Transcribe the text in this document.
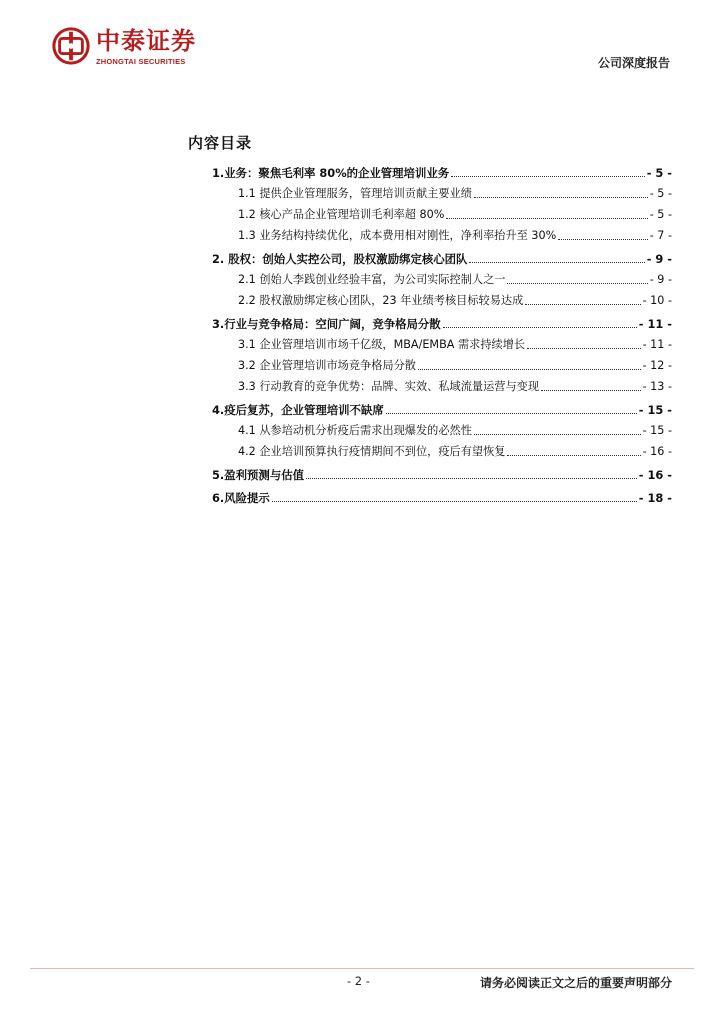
中泰证券
ZHONGTAI SECURITIES	公司深度报告
内容目录
1.业务：聚焦毛利率 80%的企业管理培训业务	- 5 -
1.1 提供企业管理服务，管理培训贡献主要业绩	- 5 -
1.2 核心产品企业管理培训毛利率超 80%	- 5 -
1.3 业务结构持续优化，成本费用相对刚性，净利率抬升至 30%	- 7 -
2. 股权：创始人实控公司，股权激励绑定核心团队	- 9 -
2.1 创始人李践创业经验丰富，为公司实际控制人之一	- 9 -
2.2 股权激励绑定核心团队，23 年业绩考核目标较易达成	- 10 -
3.行业与竞争格局：空间广阔，竞争格局分散	- 11 -
3.1 企业管理培训市场千亿级，MBA/EMBA 需求持续增长	- 11 -
3.2 企业管理培训市场竞争格局分散	- 12 -
3.3 行动教育的竞争优势：品牌、实效、私域流量运营与变现	- 13 -
4.疫后复苏，企业管理培训不缺席	- 15 -
4.1 从参培动机分析疫后需求出现爆发的必然性	- 15 -
4.2 企业培训预算执行疫情期间不到位，疫后有望恢复	- 16 -
5.盈利预测与估值	- 16 -
6.风险提示	- 18 -
- 2 -	请务必阅读正文之后的重要声明部分
